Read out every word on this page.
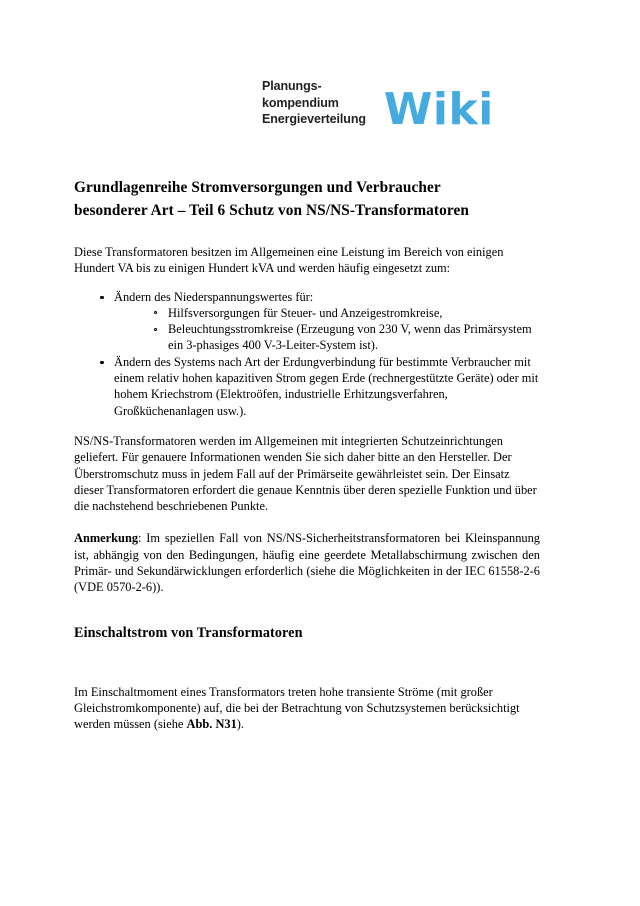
Planungs-
kompendium
Energieverteilung Wiki
Grundlagenreihe Stromversorgungen und Verbraucher
besonderer Art – Teil 6 Schutz von NS/NS-Transformatoren

Diese Transformatoren besitzen im Allgemeinen eine Leistung im Bereich von einigen Hundert VA bis zu einigen Hundert kVA und werden häufig eingesetzt zum:

Ändern des Niederspannungswertes für:
Hilfsversorgungen für Steuer- und Anzeigestromkreise,
Beleuchtungsstromkreise (Erzeugung von 230 V, wenn das Primärsystem ein 3-phasiges 400 V-3-Leiter-System ist).
Ändern des Systems nach Art der Erdungverbindung für bestimmte Verbraucher mit einem relativ hohen kapazitiven Strom gegen Erde (rechnergestützte Geräte) oder mit hohem Kriechstrom (Elektroöfen, industrielle Erhitzungsverfahren, Großküchenanlagen usw.).

NS/NS-Transformatoren werden im Allgemeinen mit integrierten Schutzeinrichtungen geliefert. Für genauere Informationen wenden Sie sich daher bitte an den Hersteller. Der Überstromschutz muss in jedem Fall auf der Primärseite gewährleistet sein. Der Einsatz dieser Transformatoren erfordert die genaue Kenntnis über deren spezielle Funktion und über die nachstehend beschriebenen Punkte.

Anmerkung: Im speziellen Fall von NS/NS-Sicherheitstransformatoren bei Kleinspannung ist, abhängig von den Bedingungen, häufig eine geerdete Metallabschirmung zwischen den Primär- und Sekundärwicklungen erforderlich (siehe die Möglichkeiten in der IEC 61558-2-6 (VDE 0570-2-6)).

Einschaltstrom von Transformatoren

Im Einschaltmoment eines Transformators treten hohe transiente Ströme (mit großer Gleichstromkomponente) auf, die bei der Betrachtung von Schutzsystemen berücksichtigt werden müssen (siehe Abb. N31).
